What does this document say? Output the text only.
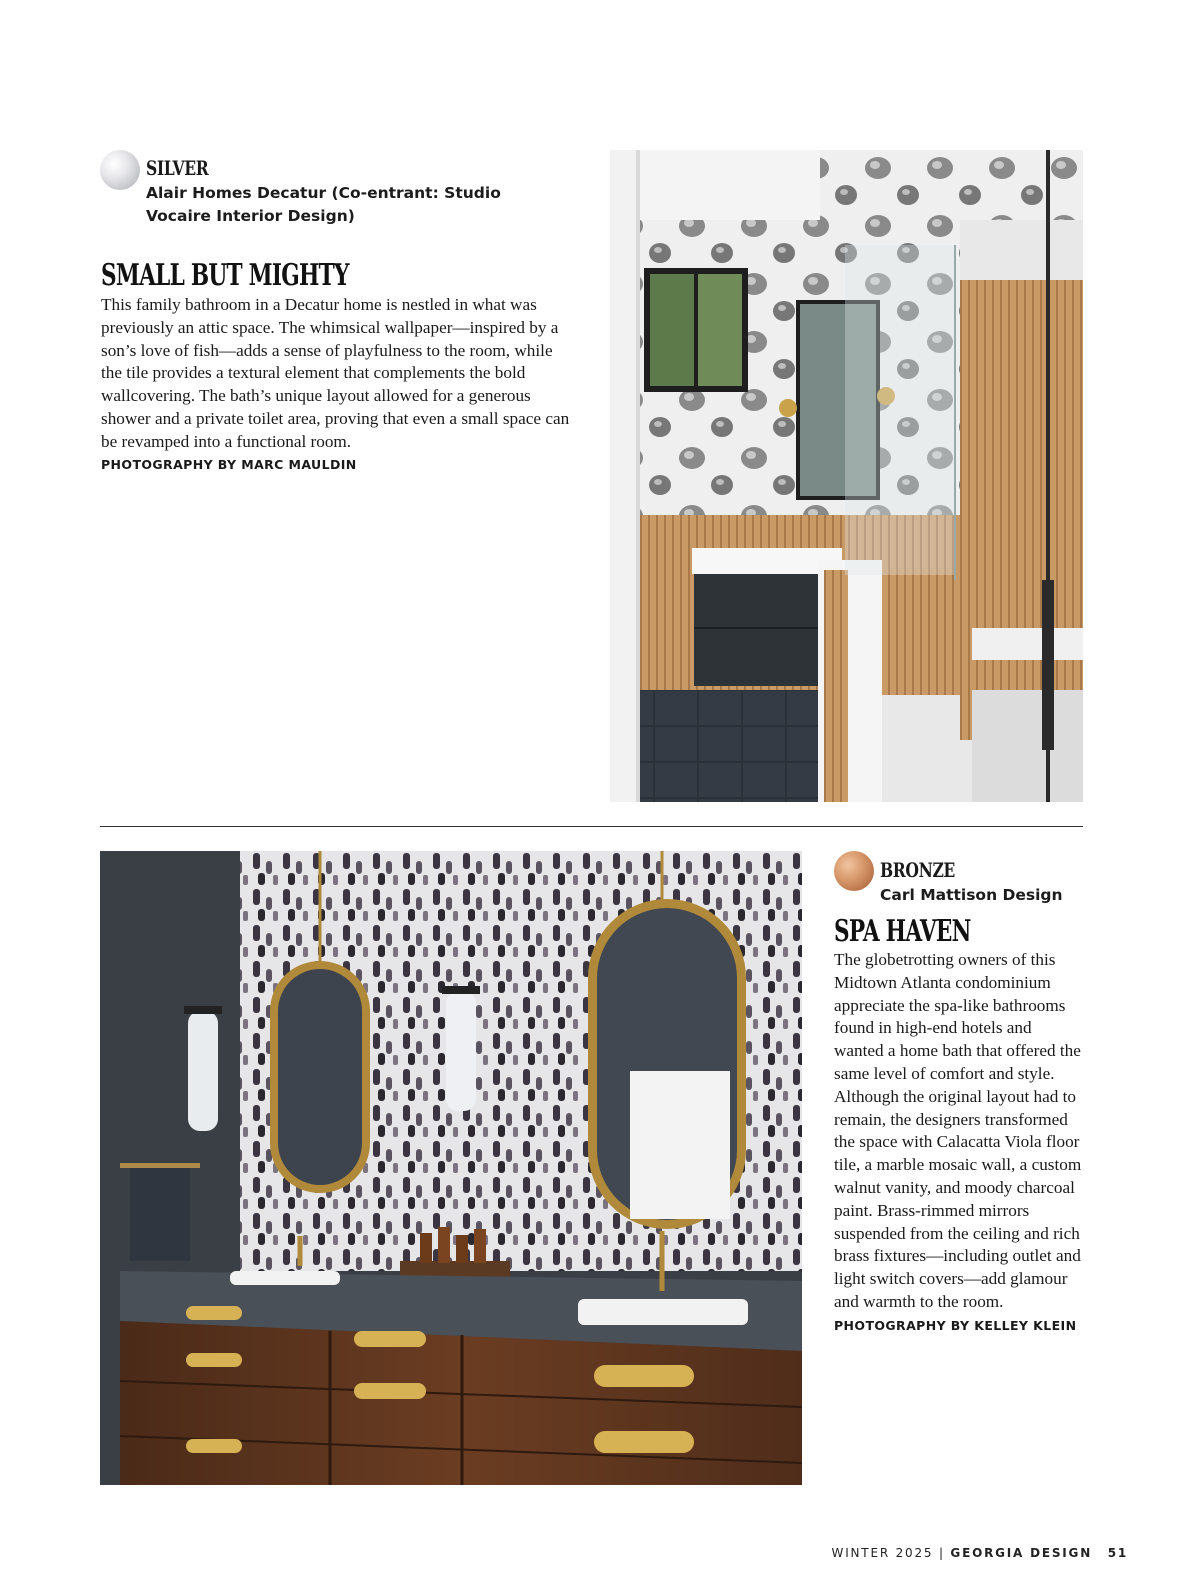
SILVER
Alair Homes Decatur (Co-entrant: Studio Vocaire Interior Design)
SMALL BUT MIGHTY

This family bathroom in a Decatur home is nestled in what was previously an attic space. The whimsical wallpaper—inspired by a son’s love of fish—adds a sense of playfulness to the room, while the tile provides a textural element that complements the bold wallcovering. The bath’s unique layout allowed for a generous shower and a private toilet area, proving that even a small space can be revamped into a functional room.

PHOTOGRAPHY BY MARC MAULDIN
BRONZE
Carl Mattison Design
SPA HAVEN

The globetrotting owners of this Midtown Atlanta condominium appreciate the spa-like bathrooms found in high-end hotels and wanted a home bath that offered the same level of comfort and style. Although the original layout had to remain, the designers transformed the space with Calacatta Viola floor tile, a marble mosaic wall, a custom walnut vanity, and moody charcoal paint. Brass-rimmed mirrors suspended from the ceiling and rich brass fixtures—including outlet and light switch covers—add glamour and warmth to the room.

PHOTOGRAPHY BY KELLEY KLEIN
WINTER 2025 | GEORGIA DESIGN 51
